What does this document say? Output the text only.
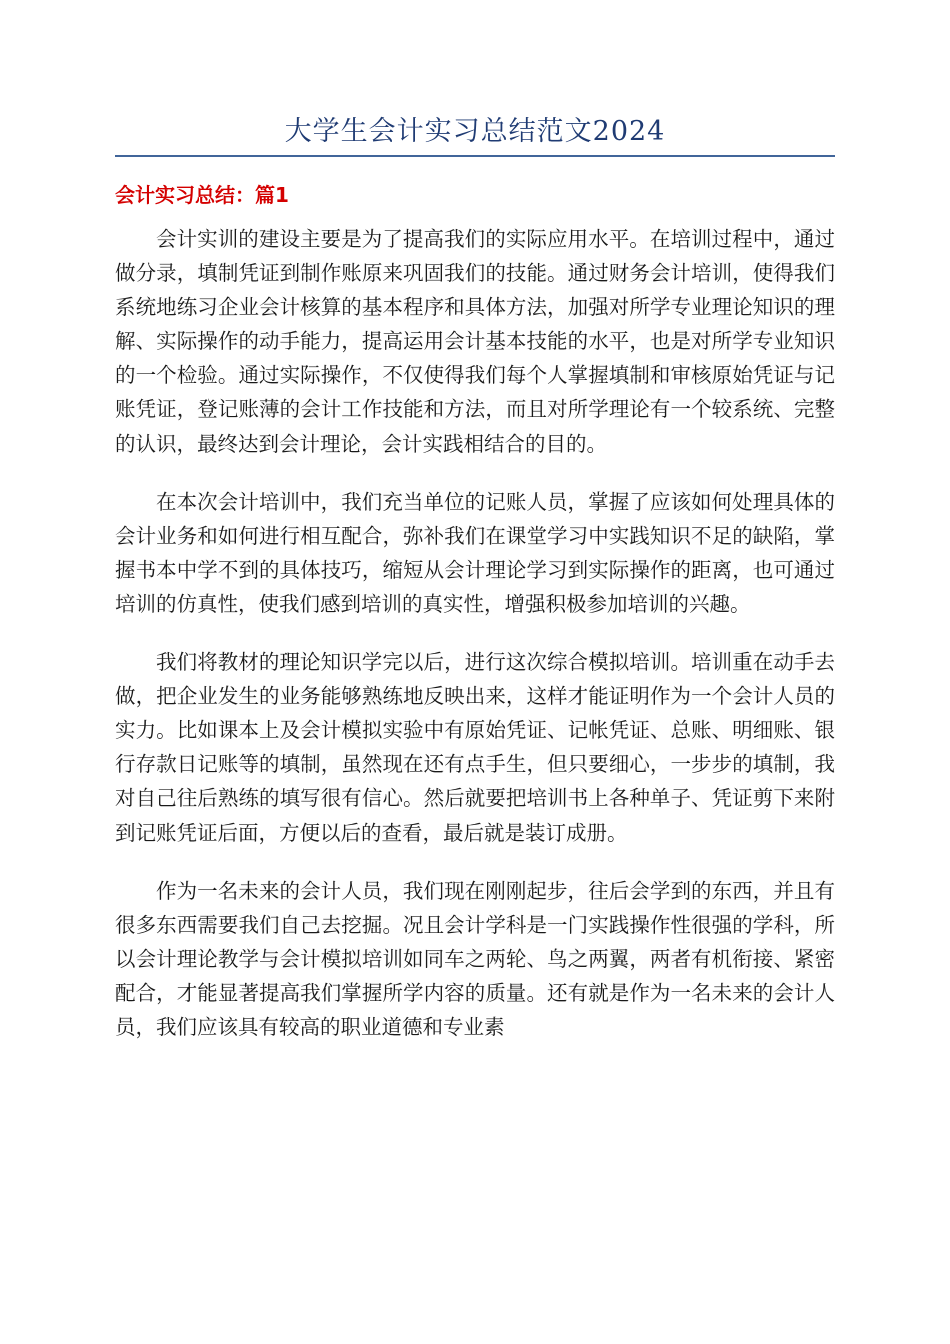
大学生会计实习总结范文2024
会计实习总结：篇1

会计实训的建设主要是为了提高我们的实际应用水平。在培训过程中，通过做分录，填制凭证到制作账原来巩固我们的技能。通过财务会计培训，使得我们系统地练习企业会计核算的基本程序和具体方法，加强对所学专业理论知识的理解、实际操作的动手能力，提高运用会计基本技能的水平，也是对所学专业知识的一个检验。通过实际操作，不仅使得我们每个人掌握填制和审核原始凭证与记账凭证，登记账薄的会计工作技能和方法，而且对所学理论有一个较系统、完整的认识，最终达到会计理论，会计实践相结合的目的。

在本次会计培训中，我们充当单位的记账人员，掌握了应该如何处理具体的会计业务和如何进行相互配合，弥补我们在课堂学习中实践知识不足的缺陷，掌握书本中学不到的具体技巧，缩短从会计理论学习到实际操作的距离，也可通过培训的仿真性，使我们感到培训的真实性，增强积极参加培训的兴趣。

我们将教材的理论知识学完以后，进行这次综合模拟培训。培训重在动手去做，把企业发生的业务能够熟练地反映出来，这样才能证明作为一个会计人员的实力。比如课本上及会计模拟实验中有原始凭证、记帐凭证、总账、明细账、银行存款日记账等的填制，虽然现在还有点手生，但只要细心，一步步的填制，我对自己往后熟练的填写很有信心。然后就要把培训书上各种单子、凭证剪下来附到记账凭证后面，方便以后的查看，最后就是装订成册。

作为一名未来的会计人员，我们现在刚刚起步，往后会学到的东西，并且有很多东西需要我们自己去挖掘。况且会计学科是一门实践操作性很强的学科，所以会计理论教学与会计模拟培训如同车之两轮、鸟之两翼，两者有机衔接、紧密配合，才能显著提高我们掌握所学内容的质量。还有就是作为一名未来的会计人员，我们应该具有较高的职业道德和专业素
